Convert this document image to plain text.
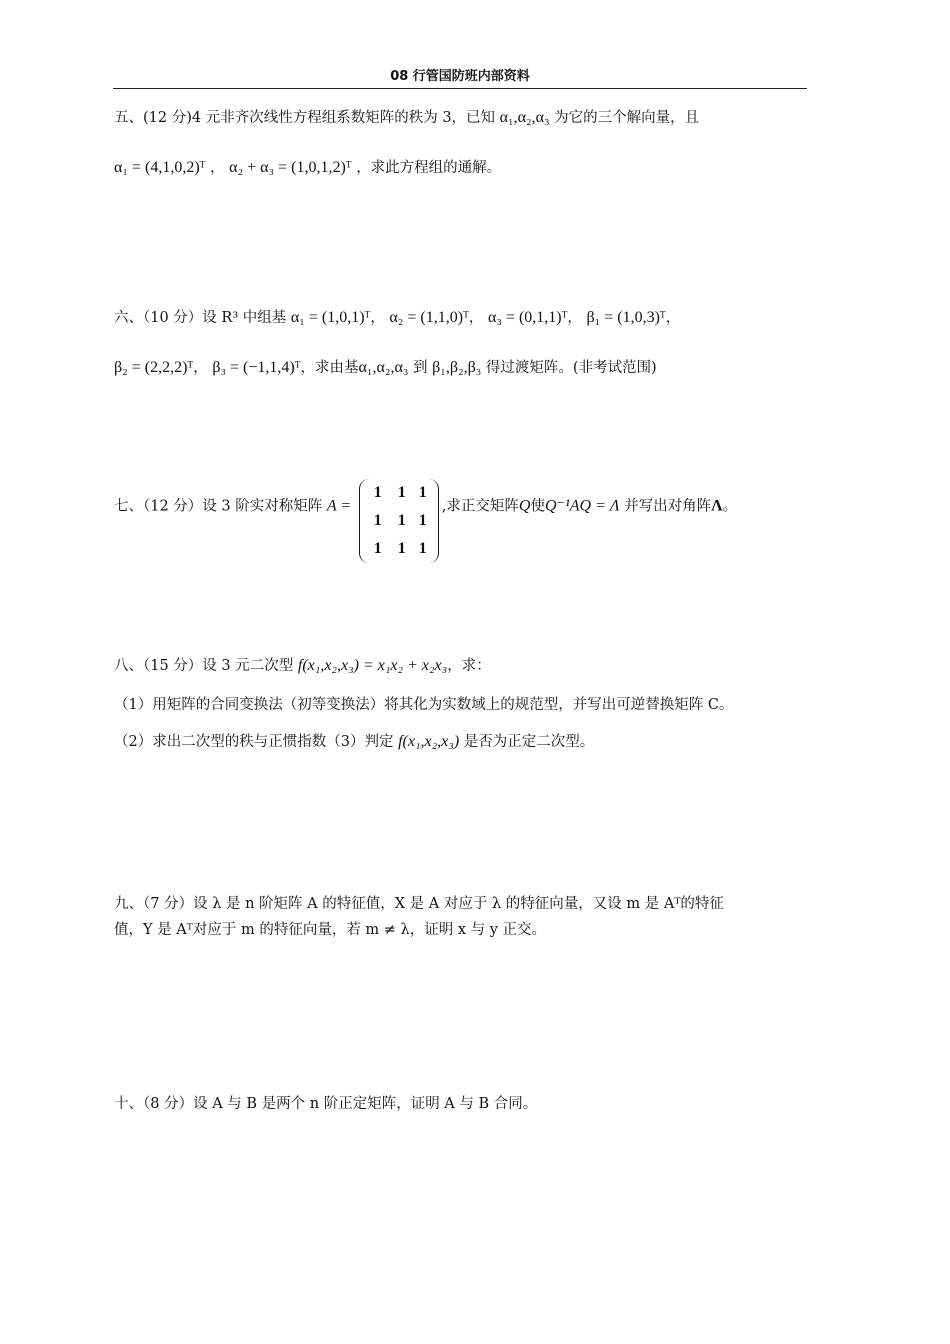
08 行管国防班内部资料
五、(12 分)4 元非齐次线性方程组系数矩阵的秩为 3，已知 α₁,α₂,α₃ 为它的三个解向量，且
α₁ = (4,1,0,2)ᵀ ， α₂ + α₃ = (1,0,1,2)ᵀ ，求此方程组的通解。
六、（10 分）设 R³ 中组基 α₁ = (1,0,1)ᵀ， α₂ = (1,1,0)ᵀ， α₃ = (0,1,1)ᵀ， β₁ = (1,0,3)ᵀ，
β₂ = (2,2,2)ᵀ， β₃ = (−1,1,4)ᵀ，求由基α₁,α₂,α₃ 到 β₁,β₂,β₃ 得过渡矩阵。(非考试范围)
七、（12 分）设 3 阶实对称矩阵 A =
1	1 1
1	1 1
1	1 1
,求正交矩阵Q使Q⁻¹AQ = Λ 并写出对角阵Λ。
八、（15 分）设 3 元二次型 f(x₁,x₂,x₃) = x₁x₂ + x₂x₃，求：
（1）用矩阵的合同变换法（初等变换法）将其化为实数域上的规范型，并写出可逆替换矩阵 C。
（2）求出二次型的秩与正惯指数（3）判定 f(x₁,x₂,x₃) 是否为正定二次型。
九、（7 分）设 λ 是 n 阶矩阵 A 的特征值，X 是 A 对应于 λ 的特征向量，又设 m 是 Aᵀ的特征
值，Y 是 Aᵀ对应于 m 的特征向量，若 m ≠ λ，证明 x 与 y 正交。
十、（8 分）设 A 与 B 是两个 n 阶正定矩阵，证明 A 与 B 合同。
